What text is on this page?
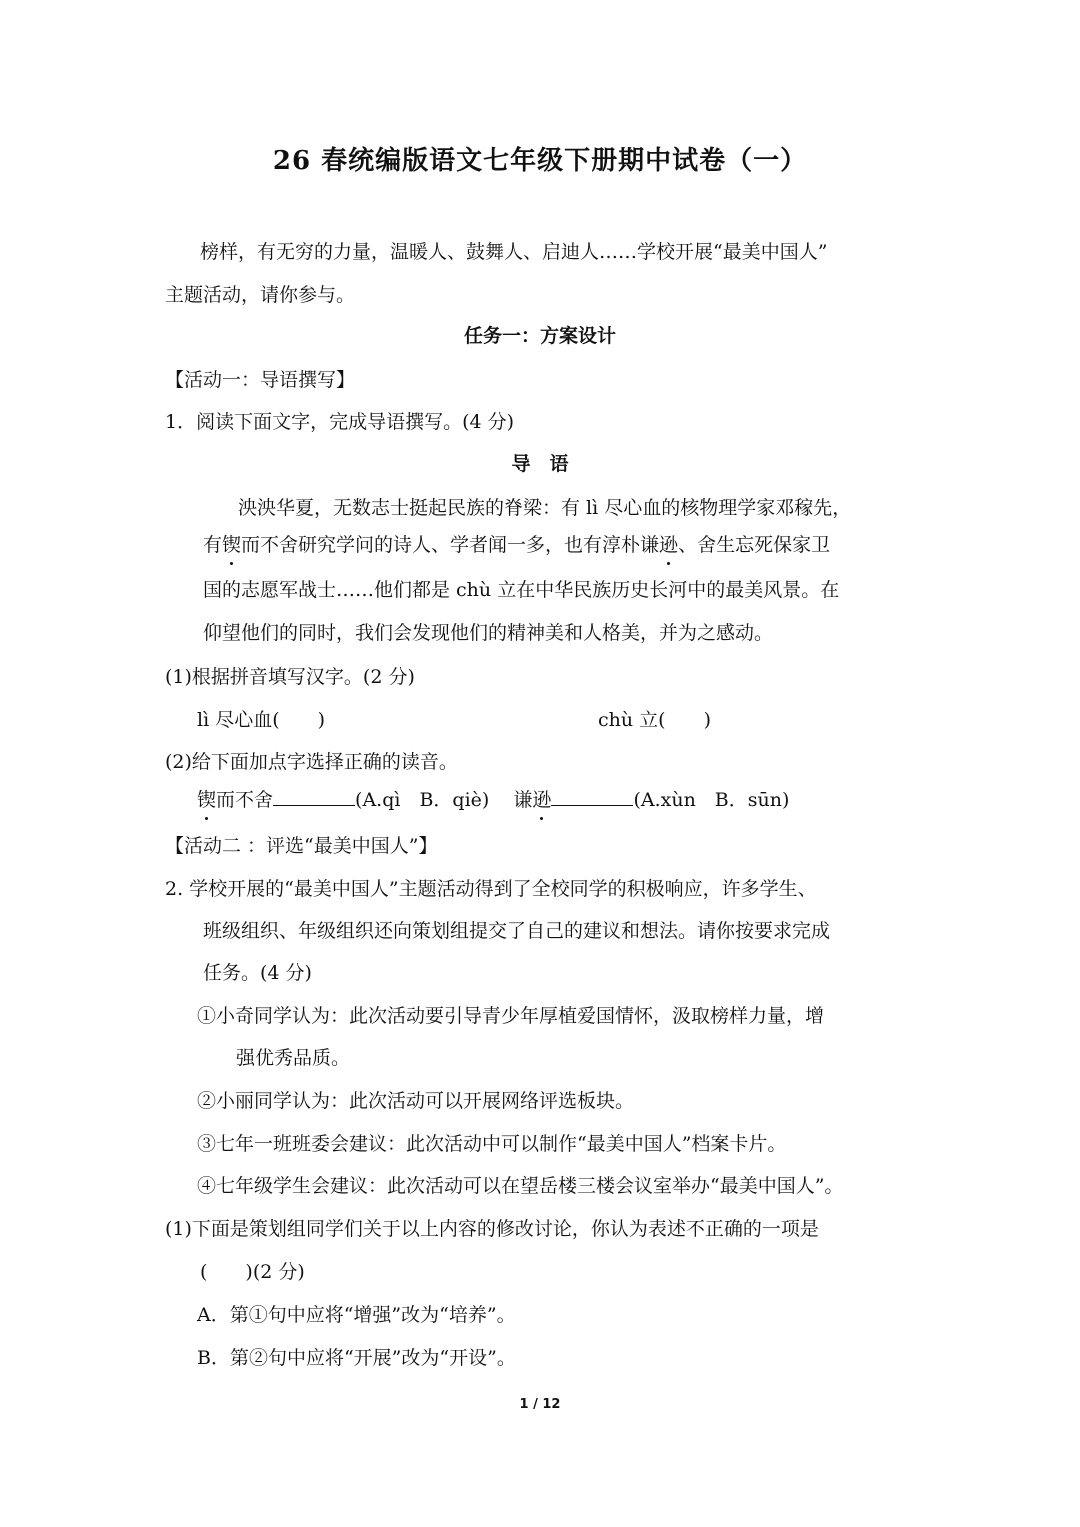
26 春统编版语文七年级下册期中试卷（一）
榜样，有无穷的力量，温暖人、鼓舞人、启迪人……学校开展“最美中国人”
主题活动，请你参与。
任务一：方案设计
【活动一：导语撰写】
1．阅读下面文字，完成导语撰写。(4 分)
导　语
泱泱华夏，无数志士挺起民族的脊梁：有 lì 尽心血的核物理学家邓稼先，
有锲而不舍研究学问的诗人、学者闻一多，也有淳朴谦逊、舍生忘死保家卫
国的志愿军战士……他们都是 chù 立在中华民族历史长河中的最美风景。在
仰望他们的同时，我们会发现他们的精神美和人格美，并为之感动。
(1)根据拼音填写汉字。(2 分)
lì 尽心血(　　)	chù 立(　　)
(2)给下面加点字选择正确的读音。
锲而不舍	(A.qì　B．qiè) 谦逊	(A.xùn　B．sūn)
【活动二 ：评选“最美中国人”】
2. 学校开展的“最美中国人”主题活动得到了全校同学的积极响应，许多学生、
班级组织、年级组织还向策划组提交了自己的建议和想法。请你按要求完成
任务。(4 分)
①小奇同学认为：此次活动要引导青少年厚植爱国情怀，汲取榜样力量，增
强优秀品质。
②小丽同学认为：此次活动可以开展网络评选板块。
③七年一班班委会建议：此次活动中可以制作“最美中国人”档案卡片。
④七年级学生会建议：此次活动可以在望岳楼三楼会议室举办“最美中国人”。
(1)下面是策划组同学们关于以上内容的修改讨论，你认为表述不正确的一项是
(　　)(2 分)
A．第①句中应将“增强”改为“培养”。
B．第②句中应将“开展”改为“开设”。
1 / 12
